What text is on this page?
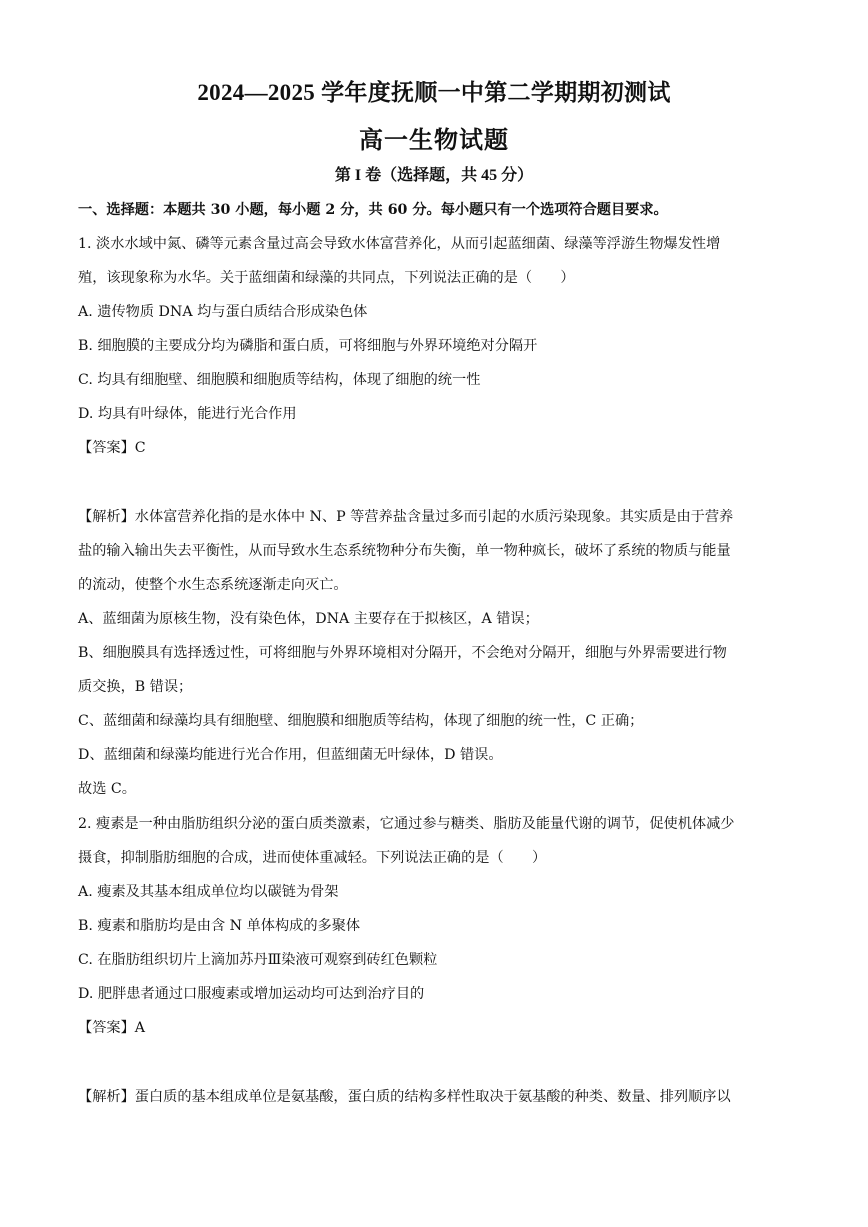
2024—2025 学年度抚顺一中第二学期期初测试
高一生物试题
第 I 卷（选择题，共 45 分）
一、选择题：本题共 30 小题，每小题 2 分，共 60 分。每小题只有一个选项符合题目要求。
1. 淡水水域中氮、磷等元素含量过高会导致水体富营养化，从而引起蓝细菌、绿藻等浮游生物爆发性增
殖，该现象称为水华。关于蓝细菌和绿藻的共同点，下列说法正确的是（　　）
A. 遗传物质 DNA 均与蛋白质结合形成染色体
B. 细胞膜的主要成分均为磷脂和蛋白质，可将细胞与外界环境绝对分隔开
C. 均具有细胞壁、细胞膜和细胞质等结构，体现了细胞的统一性
D. 均具有叶绿体，能进行光合作用
【答案】C
【解析】水体富营养化指的是水体中 N、P 等营养盐含量过多而引起的水质污染现象。其实质是由于营养
盐的输入输出失去平衡性，从而导致水生态系统物种分布失衡，单一物种疯长，破坏了系统的物质与能量
的流动，使整个水生态系统逐渐走向灭亡。
A、蓝细菌为原核生物，没有染色体，DNA 主要存在于拟核区，A 错误；
B、细胞膜具有选择透过性，可将细胞与外界环境相对分隔开，不会绝对分隔开，细胞与外界需要进行物
质交换，B 错误；
C、蓝细菌和绿藻均具有细胞壁、细胞膜和细胞质等结构，体现了细胞的统一性，C 正确；
D、蓝细菌和绿藻均能进行光合作用，但蓝细菌无叶绿体，D 错误。
故选 C。
2. 瘦素是一种由脂肪组织分泌的蛋白质类激素，它通过参与糖类、脂肪及能量代谢的调节，促使机体减少
摄食，抑制脂肪细胞的合成，进而使体重减轻。下列说法正确的是（　　）
A. 瘦素及其基本组成单位均以碳链为骨架
B. 瘦素和脂肪均是由含 N 单体构成的多聚体
C. 在脂肪组织切片上滴加苏丹Ⅲ染液可观察到砖红色颗粒
D. 肥胖患者通过口服瘦素或增加运动均可达到治疗目的
【答案】A
【解析】蛋白质的基本组成单位是氨基酸，蛋白质的结构多样性取决于氨基酸的种类、数量、排列顺序以
